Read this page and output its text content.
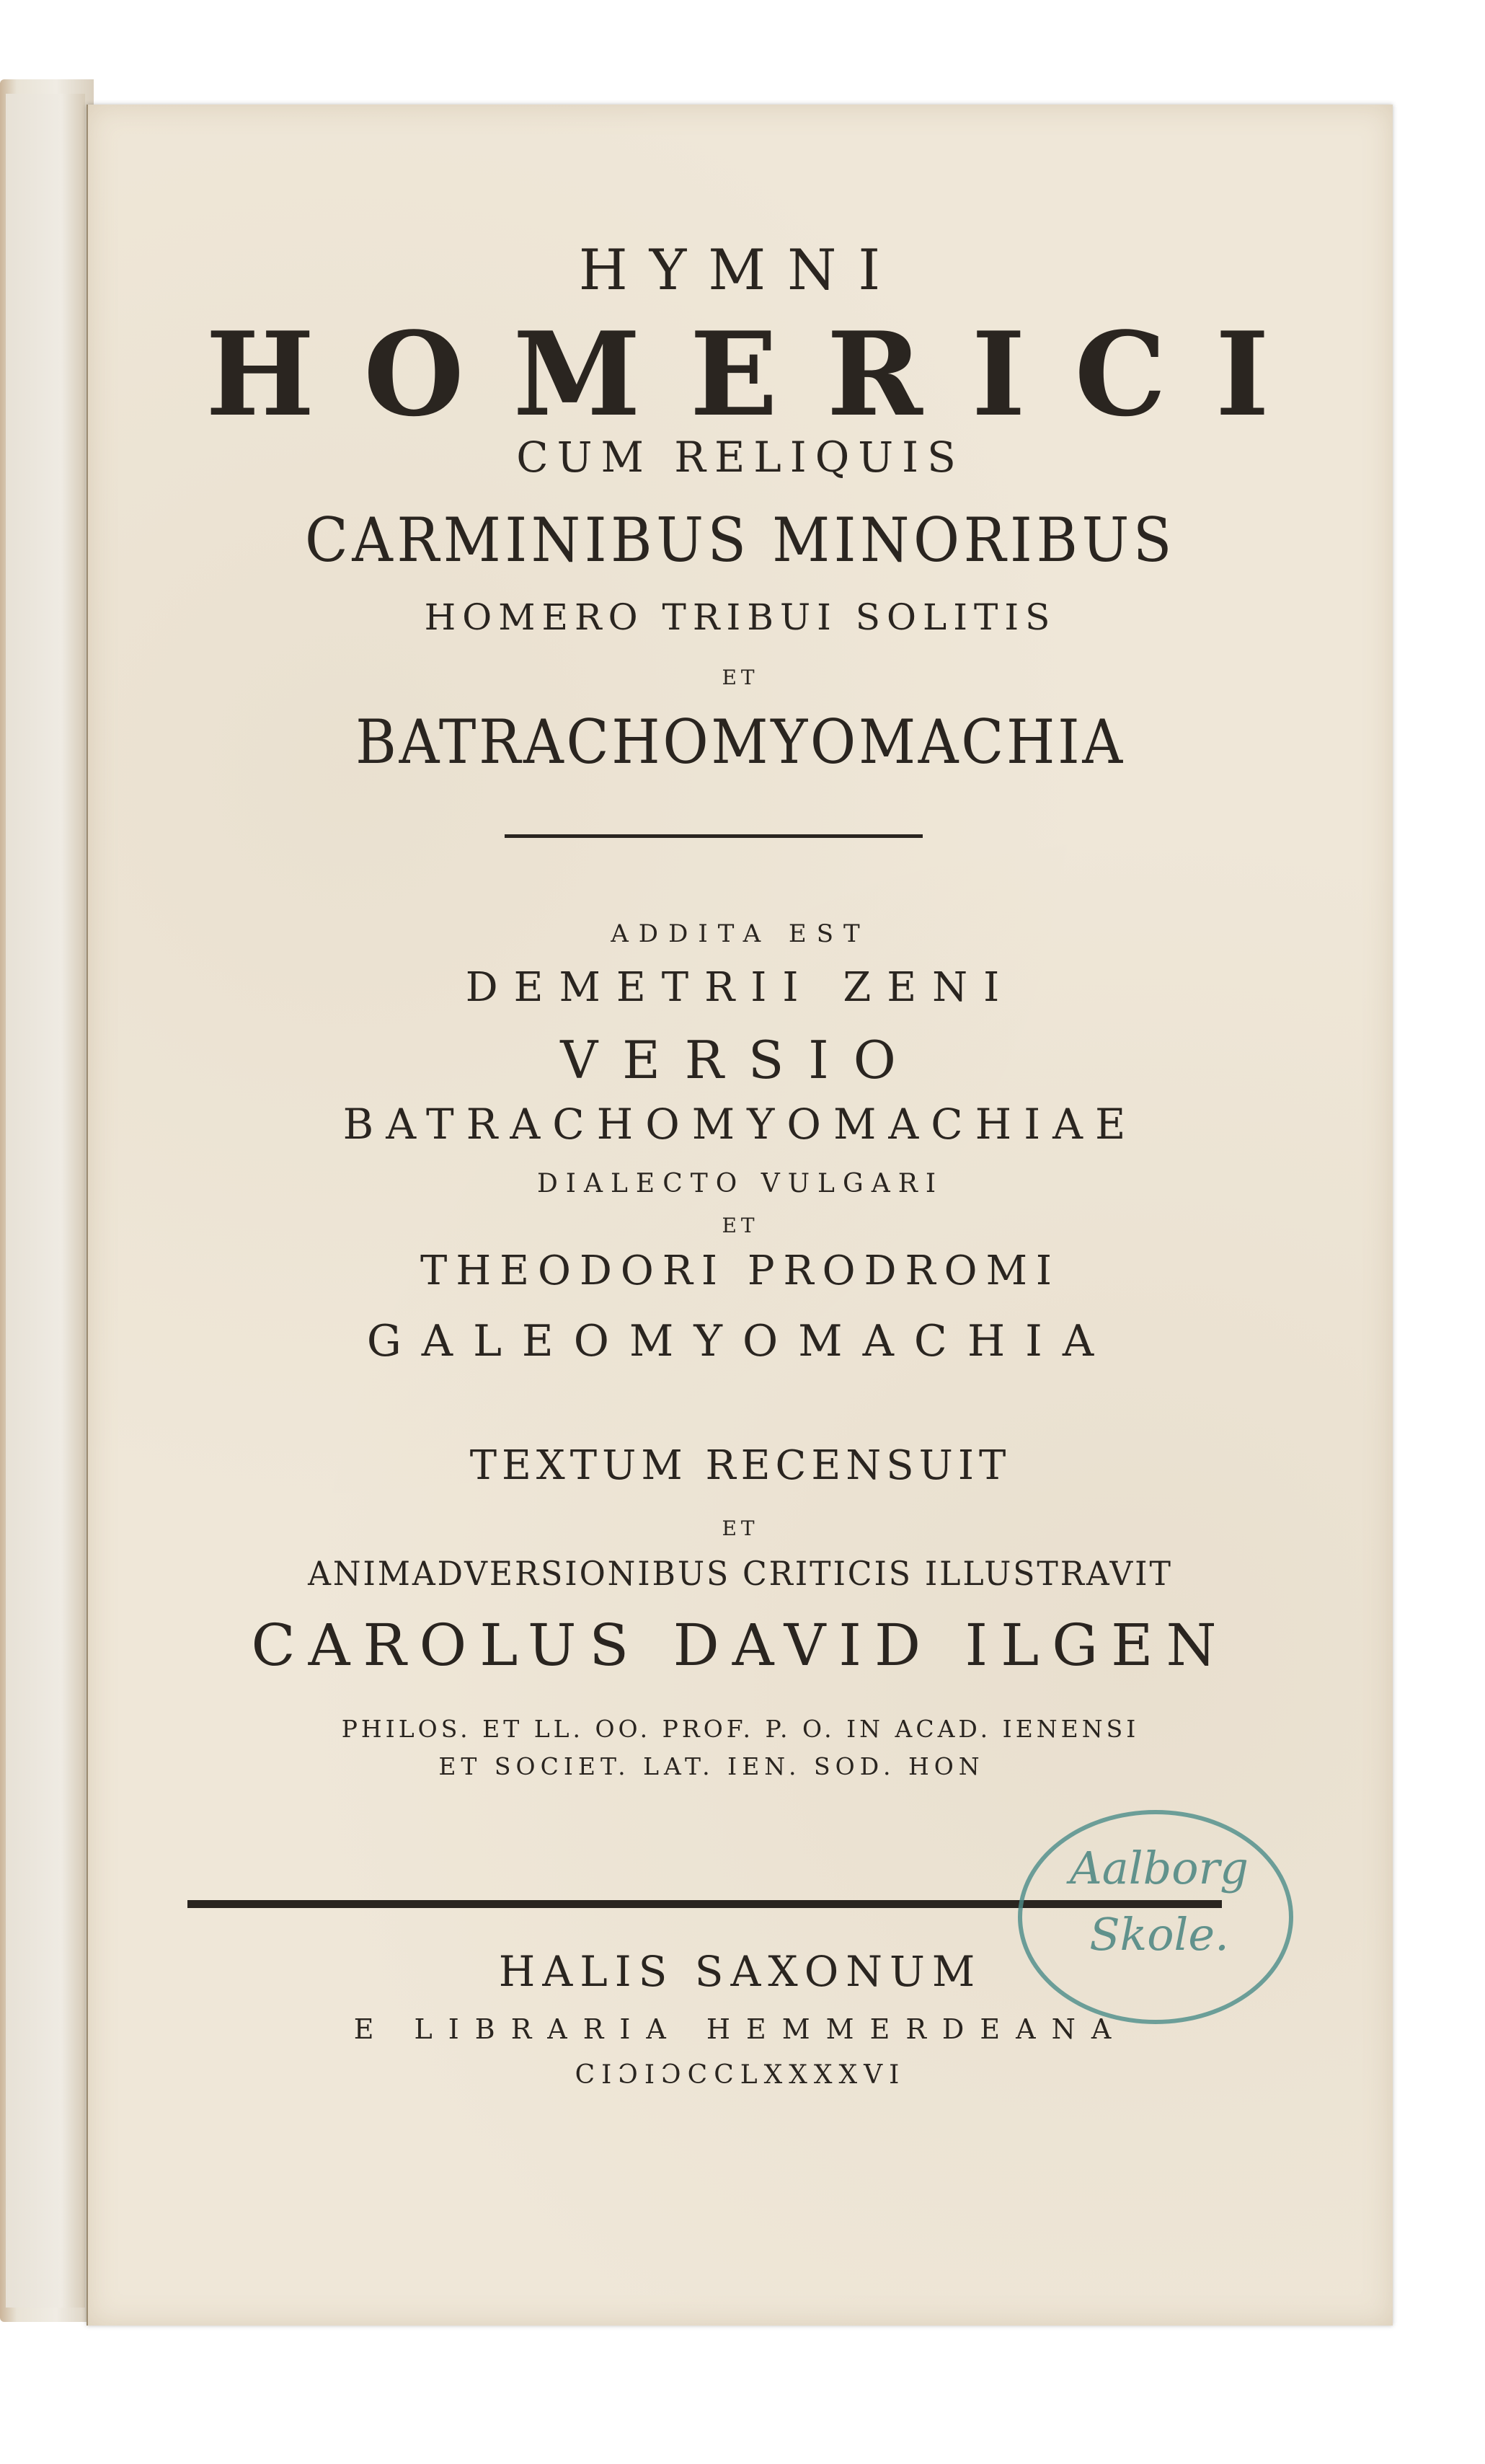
HYMNI
HOMERICI
CUM RELIQUIS
CARMINIBUS MINORIBUS
HOMERO TRIBUI SOLITIS
ET
BATRACHOMYOMACHIA
ADDITA EST
DEMETRII ZENI
VERSIO
BATRACHOMYOMACHIAE
DIALECTO VULGARI
ET
THEODORI PRODROMI
GALEOMYOMACHIA
TEXTUM RECENSUIT
ET
ANIMADVERSIONIBUS CRITICIS ILLUSTRAVIT
CAROLUS DAVID ILGEN
PHILOS. ET LL. OO. PROF. P. O. IN ACAD. IENENSI
ET SOCIET. LAT. IEN. SOD. HON
HALIS SAXONUM
E LIBRARIA HEMMERDEANA
CIƆIƆCCLXXXXVI
Aalborg
Skole.
